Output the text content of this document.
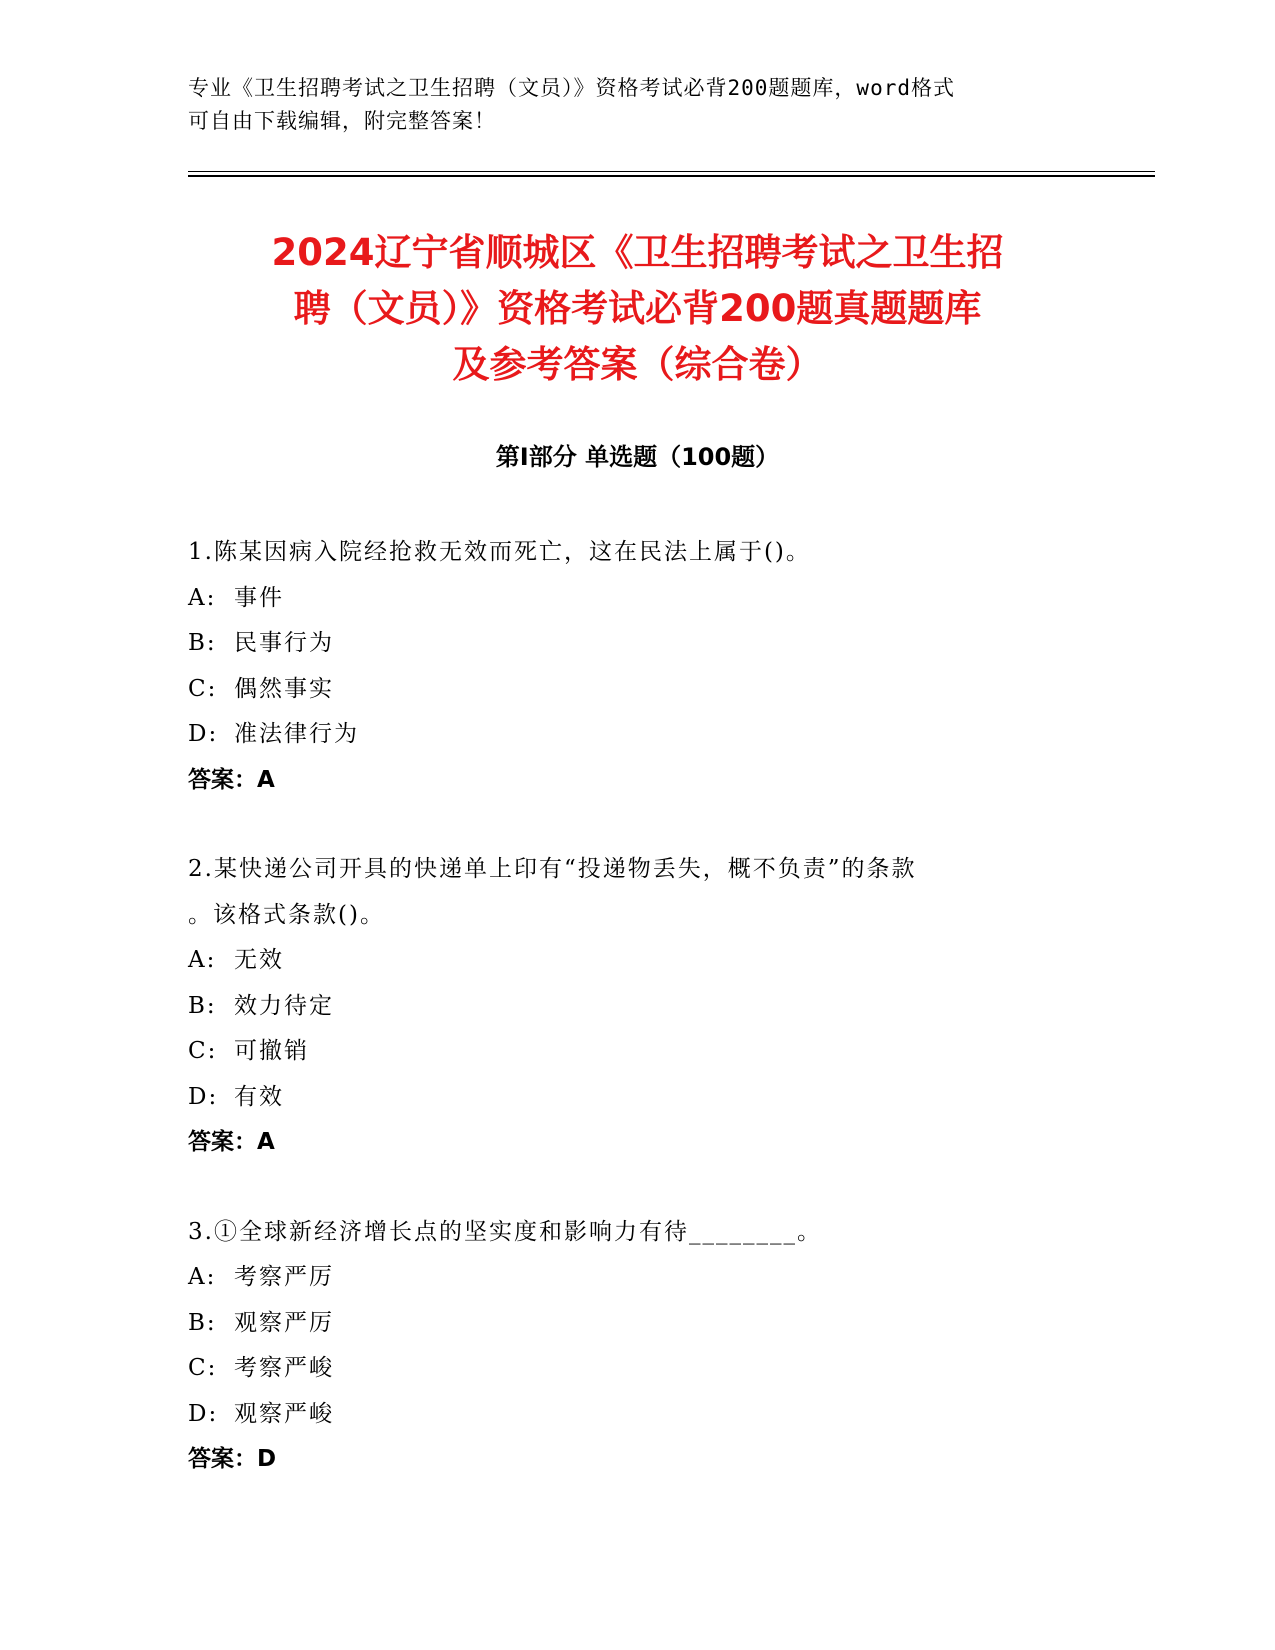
专业《卫生招聘考试之卫生招聘（文员）》资格考试必背200题题库，word格式
可自由下载编辑，附完整答案！
2024辽宁省顺城区《卫生招聘考试之卫生招
聘（文员）》资格考试必背200题真题题库
及参考答案（综合卷）
第Ⅰ部分 单选题（100题）
1.陈某因病入院经抢救无效而死亡，这在民法上属于()。
A: 事件
B: 民事行为
C: 偶然事实
D: 准法律行为
答案：A
2.某快递公司开具的快递单上印有“投递物丢失，概不负责”的条款
。该格式条款()。
A: 无效
B: 效力待定
C: 可撤销
D: 有效
答案：A
3.①全球新经济增长点的坚实度和影响力有待________。
A: 考察严厉
B: 观察严厉
C: 考察严峻
D: 观察严峻
答案：D
